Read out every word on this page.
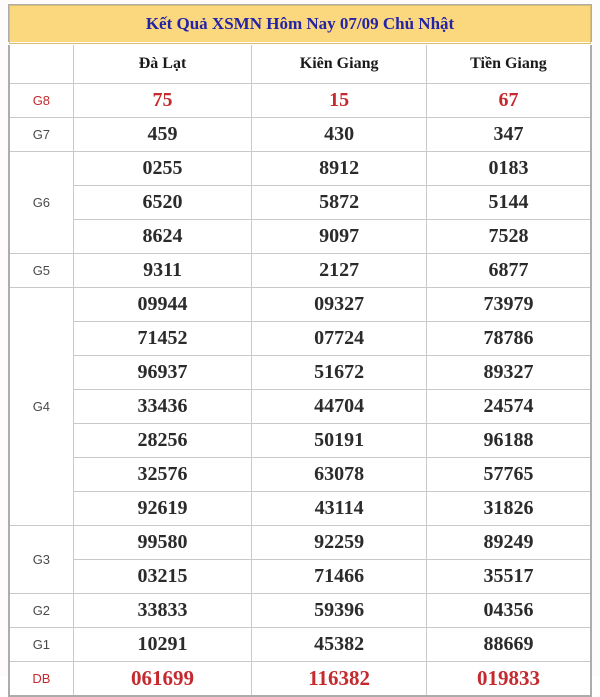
Kết Quả XSMN Hôm Nay 07/09 Chủ Nhật			
	Đà Lạt	Kiên Giang	Tiền Giang
G8	75	15	67
G7	459	430	347
G6	0255	8912	0183
	6520	5872	5144
	8624	9097	7528
G5	9311	2127	6877
G4	09944	09327	73979
	71452	07724	78786
	96937	51672	89327
	33436	44704	24574
	28256	50191	96188
	32576	63078	57765
	92619	43114	31826
G3	99580	92259	89249
	03215	71466	35517
G2	33833	59396	04356
G1	10291	45382	88669
DB	061699	116382	019833
